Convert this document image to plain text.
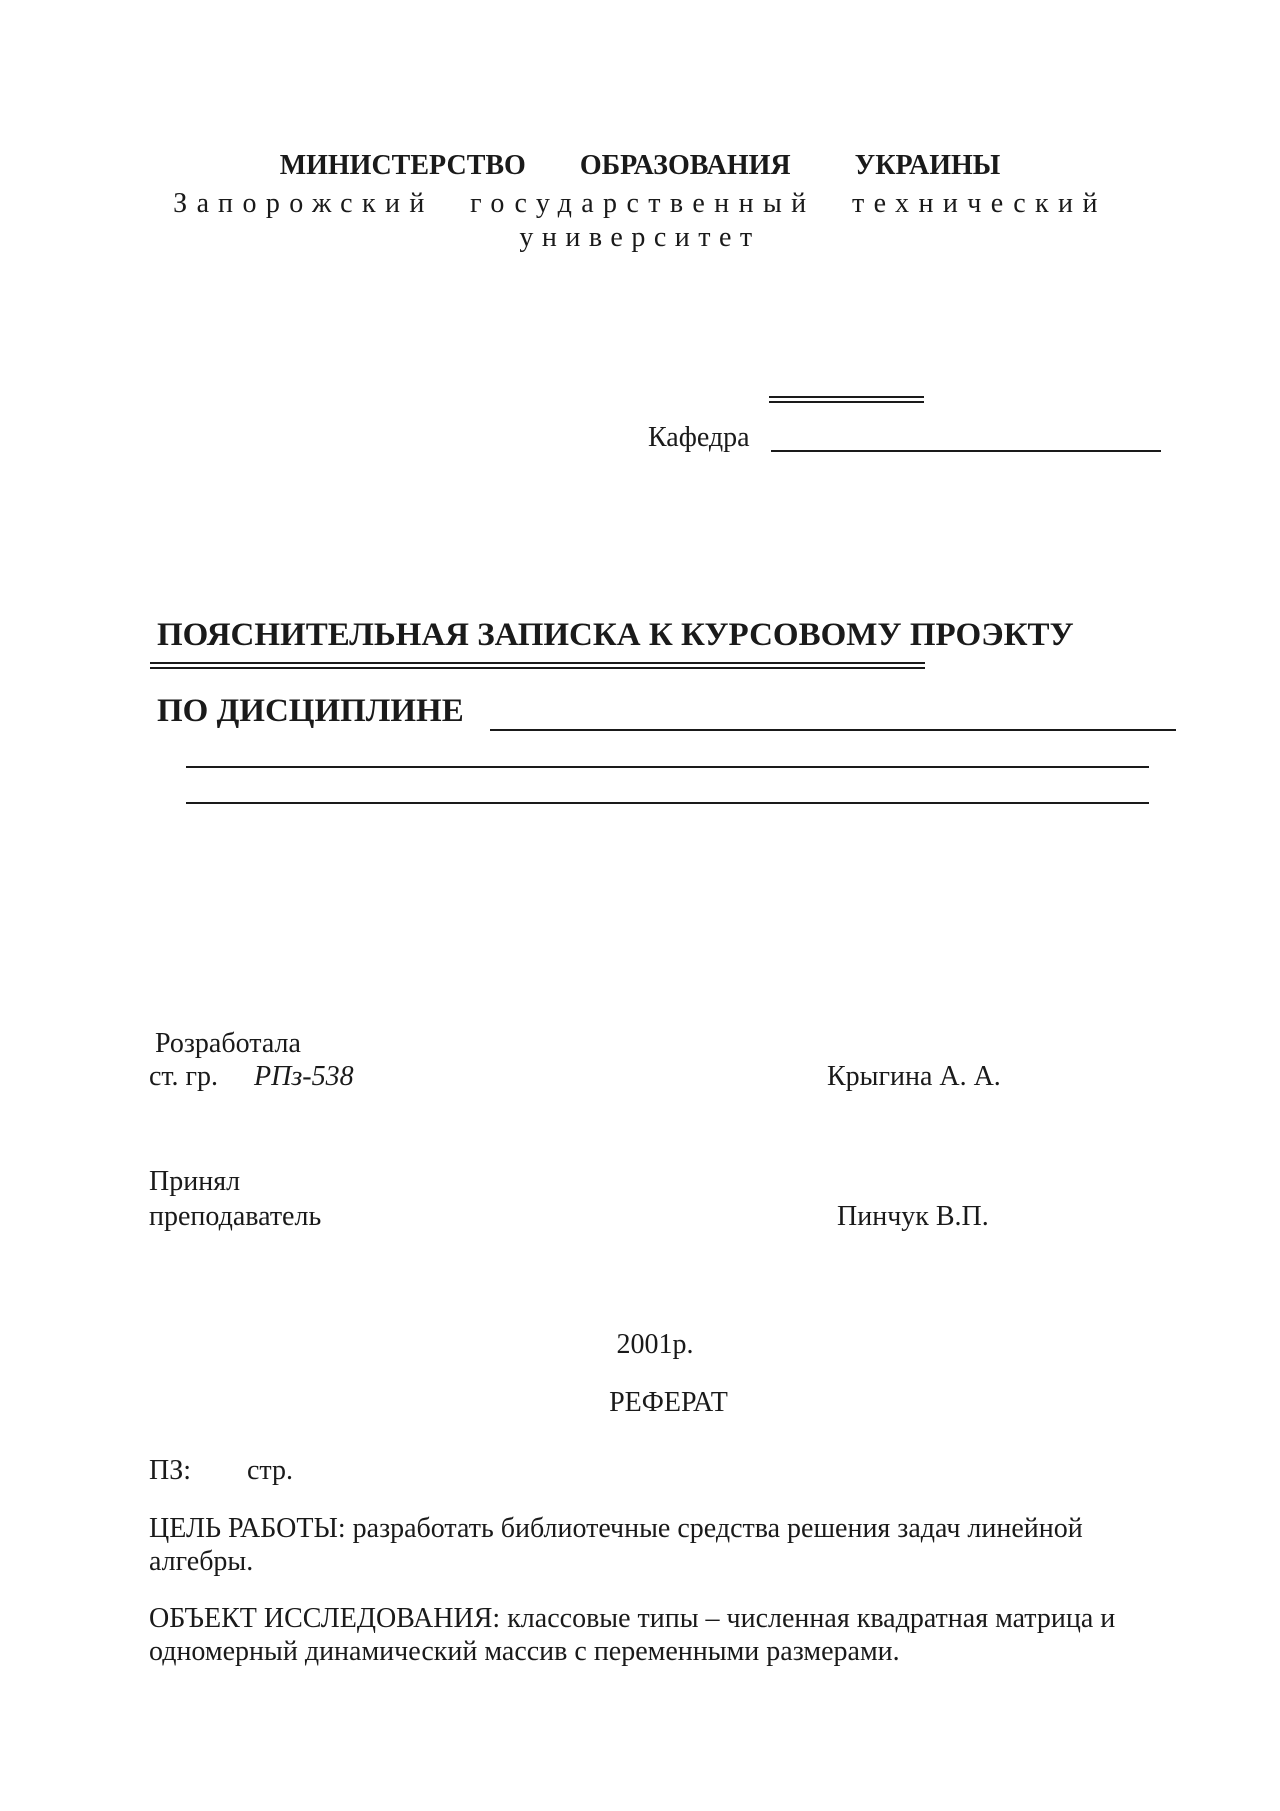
МИНИСТЕРСТВО ОБРАЗОВАНИЯ УКРАИНЫ
Запорожский государственный технический
университет
Кафедра
ПОЯСНИТЕЛЬНАЯ ЗАПИСКА К КУРСОВОМУ ПРОЭКТУ
ПО ДИСЦИПЛИНЕ
Розработала
ст. гр. РПз-538	Крыгина А. А.
Принял
преподаватель	Пинчук В.П.
2001р.
РЕФЕРАТ
ПЗ: стр.

ЦЕЛЬ РАБОТЫ: разработать библиотечные средства решения задач линейной алгебры.

ОБЪЕКТ ИССЛЕДОВАНИЯ: классовые типы – численная квадратная матрица и одномерный динамический массив с переменными размерами.
